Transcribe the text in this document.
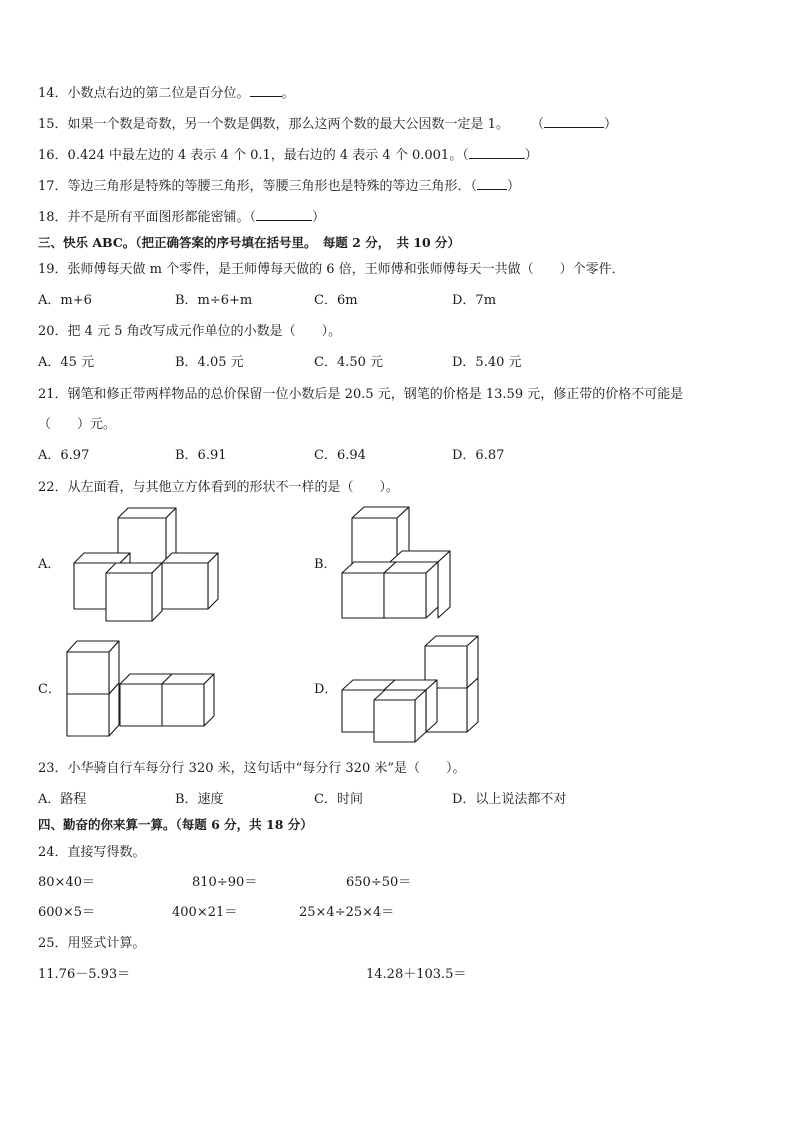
14．小数点右边的第二位是百分位。 。
15．如果一个数是奇数，另一个数是偶数，那么这两个数的最大公因数一定是 1。 （	）
16．0.424 中最左边的 4 表示 4 个 0.1，最右边的 4 表示 4 个 0.001。（	）
17．等边三角形是特殊的等腰三角形，等腰三角形也是特殊的等边三角形．（ ）
18．并不是所有平面图形都能密铺。（	）
三、快乐 ABC。（把正确答案的序号填在括号里。　每题 2 分，　共 10 分）
19．张师傅每天做 m 个零件，是王师傅每天做的 6 倍，王师傅和张师傅每天一共做（　　）个零件．
A．m+6	B．m÷6+m	C．6m	D．7m
20．把 4 元 5 角改写成元作单位的小数是（　　）。
A．45 元	B．4.05 元	C．4.50 元	D．5.40 元
21．钢笔和修正带两样物品的总价保留一位小数后是 20.5 元，钢笔的价格是 13.59 元，修正带的价格不可能是
（　　）元。
A．6.97	B．6.91	C．6.94	D．6.87
22．从左面看，与其他立方体看到的形状不一样的是（　　）。
A．	B．
C．	D．
23．小华骑自行车每分行 320 米，这句话中“每分行 320 米”是（　　）。
A．路程	B．速度	C．时间	D．以上说法都不对
四、勤奋的你来算一算。（每题 6 分，共 18 分）
24．直接写得数。
80×40＝	810÷90＝	650÷50＝
600×5＝	400×21＝	25×4÷25×4＝
25．用竖式计算。
11.76－5.93＝	14.28＋103.5＝
